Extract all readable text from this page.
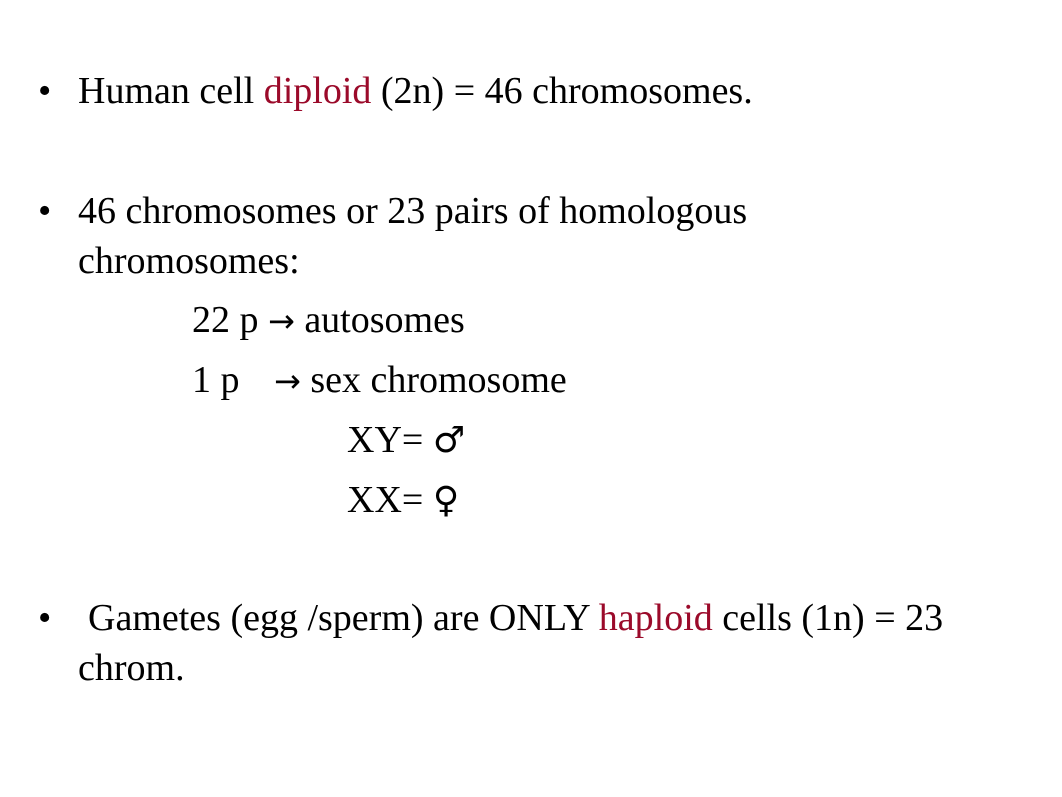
• Human cell diploid (2n) = 46 chromosomes.
• 46 chromosomes or 23 pairs of homologous
chromosomes:
22 p → autosomes
1 p → sex chromosome
XY= ♂
XX= ♀
• Gametes (egg /sperm) are ONLY haploid cells (1n) = 23
chrom.
